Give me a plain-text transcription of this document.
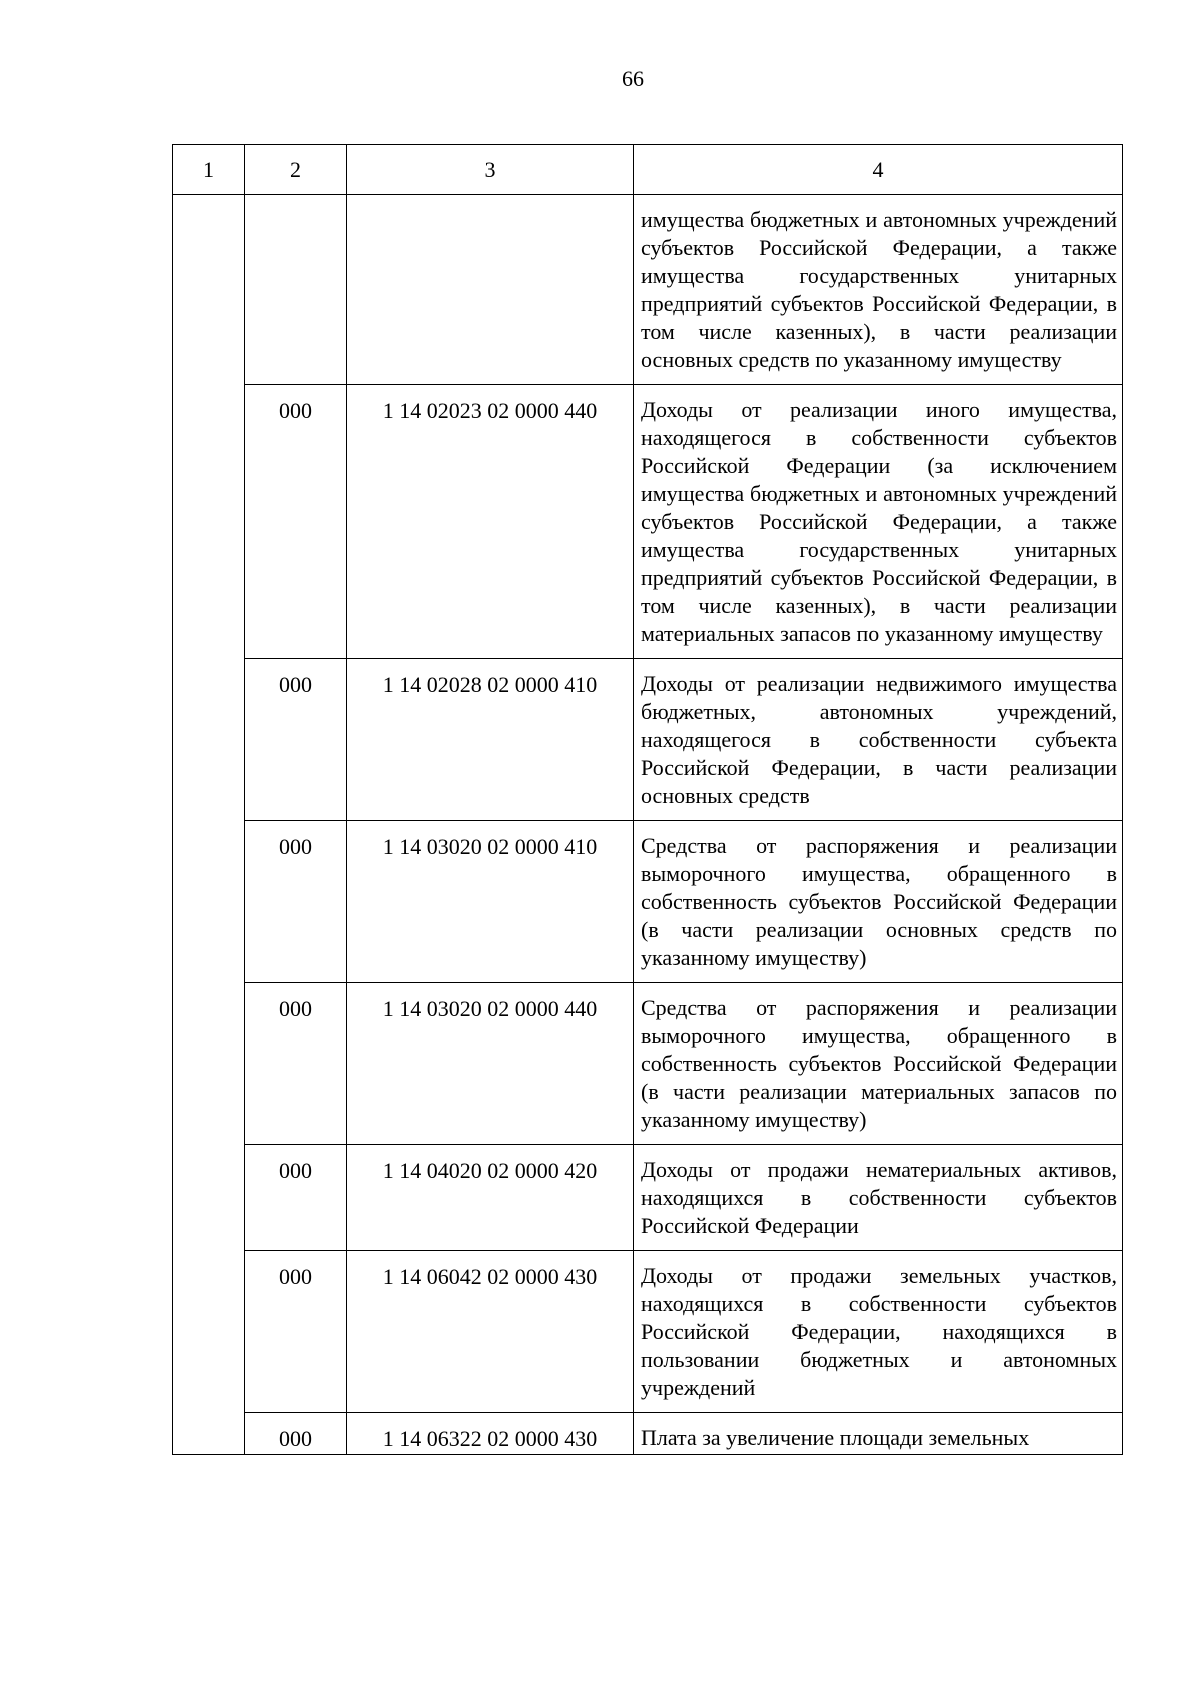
66
1	2	3	4
			имущества бюджетных и автономных учреждений субъектов Российской Федерации, а также имущества государственных унитарных предприятий субъектов Российской Федерации, в том числе казенных), в части реализации основных средств по указанному имуществу
	000	1 14 02023 02 0000 440	Доходы от реализации иного имущества, находящегося в собственности субъектов Российской Федерации (за исключением имущества бюджетных и автономных учреждений субъектов Российской Федерации, а также имущества государственных унитарных предприятий субъектов Российской Федерации, в том числе казенных), в части реализации материальных запасов по указанному имуществу
	000	1 14 02028 02 0000 410	Доходы от реализации недвижимого имущества бюджетных, автономных учреждений, находящегося в собственности субъекта Российской Федерации, в части реализации основных средств
	000	1 14 03020 02 0000 410	Средства от распоряжения и реализации выморочного имущества, обращенного в собственность субъектов Российской Федерации (в части реализации основных средств по указанному имуществу)
	000	1 14 03020 02 0000 440	Средства от распоряжения и реализации выморочного имущества, обращенного в собственность субъектов Российской Федерации (в части реализации материальных запасов по указанному имуществу)
	000	1 14 04020 02 0000 420	Доходы от продажи нематериальных активов, находящихся в собственности субъектов Российской Федерации
	000	1 14 06042 02 0000 430	Доходы от продажи земельных участков, находящихся в собственности субъектов Российской Федерации, находящихся в пользовании бюджетных и автономных учреждений
	000	1 14 06322 02 0000 430	Плата за увеличение площади земельных
